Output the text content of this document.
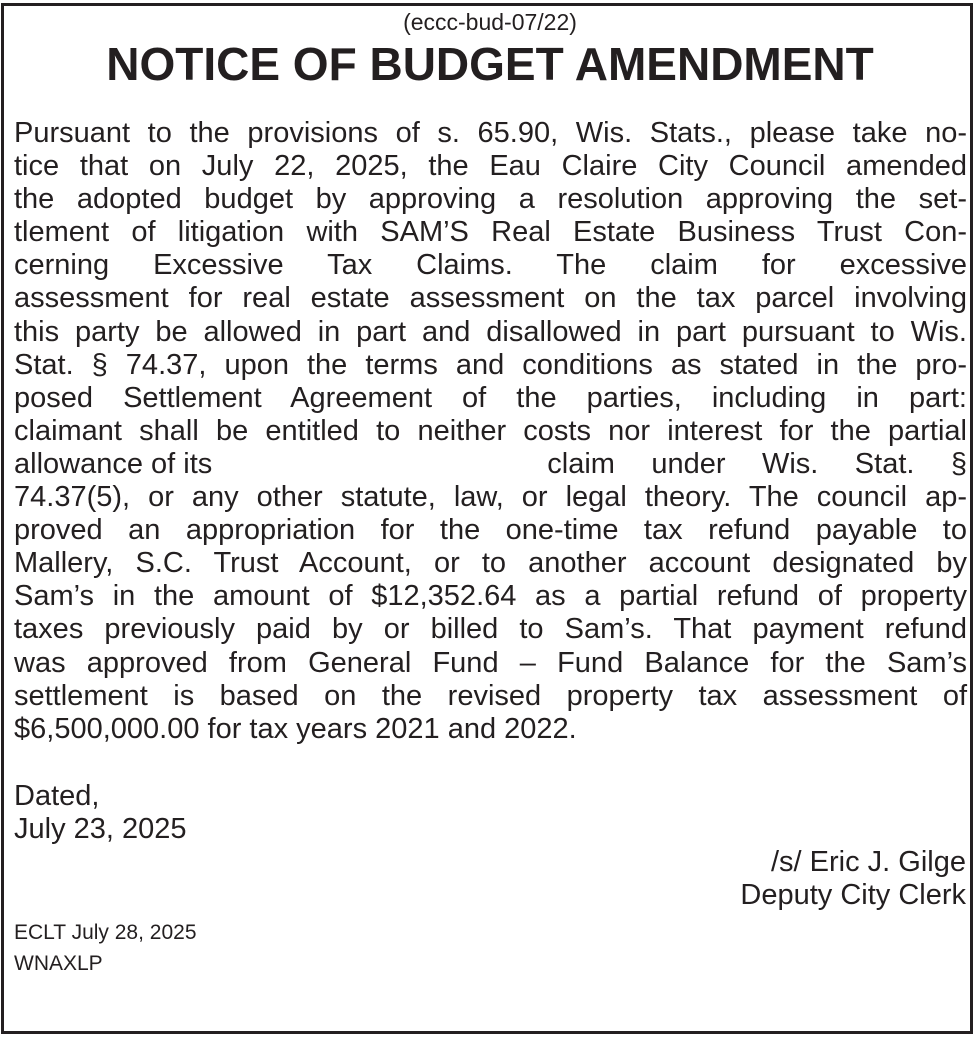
(eccc-bud-07/22)
NOTICE OF BUDGET AMENDMENT
Pursuant to the provisions of s. 65.90, Wis. Stats., please take no-
tice that on July 22, 2025, the Eau Claire City Council amended
the adopted budget by approving a resolution approving the set-
tlement of litigation with SAM’S Real Estate Business Trust Con-
cerning Excessive Tax Claims. The claim for excessive
assessment for real estate assessment on the tax parcel involving
this party be allowed in part and disallowed in part pursuant to Wis.
Stat. § 74.37, upon the terms and conditions as stated in the pro-
posed Settlement Agreement of the parties, including in part:
claimant shall be entitled to neither costs nor interest for the partial
allowance of its	claim under Wis. Stat. §
74.37(5), or any other statute, law, or legal theory. The council ap-
proved an appropriation for the one-time tax refund payable to
Mallery, S.C. Trust Account, or to another account designated by
Sam’s in the amount of $12,352.64 as a partial refund of property
taxes previously paid by or billed to Sam’s. That payment refund
was approved from General Fund – Fund Balance for the Sam’s
settlement is based on the revised property tax assessment of
$6,500,000.00 for tax years 2021 and 2022.
Dated,
July 23, 2025
/s/ Eric J. Gilge
Deputy City Clerk
ECLT July 28, 2025
WNAXLP
